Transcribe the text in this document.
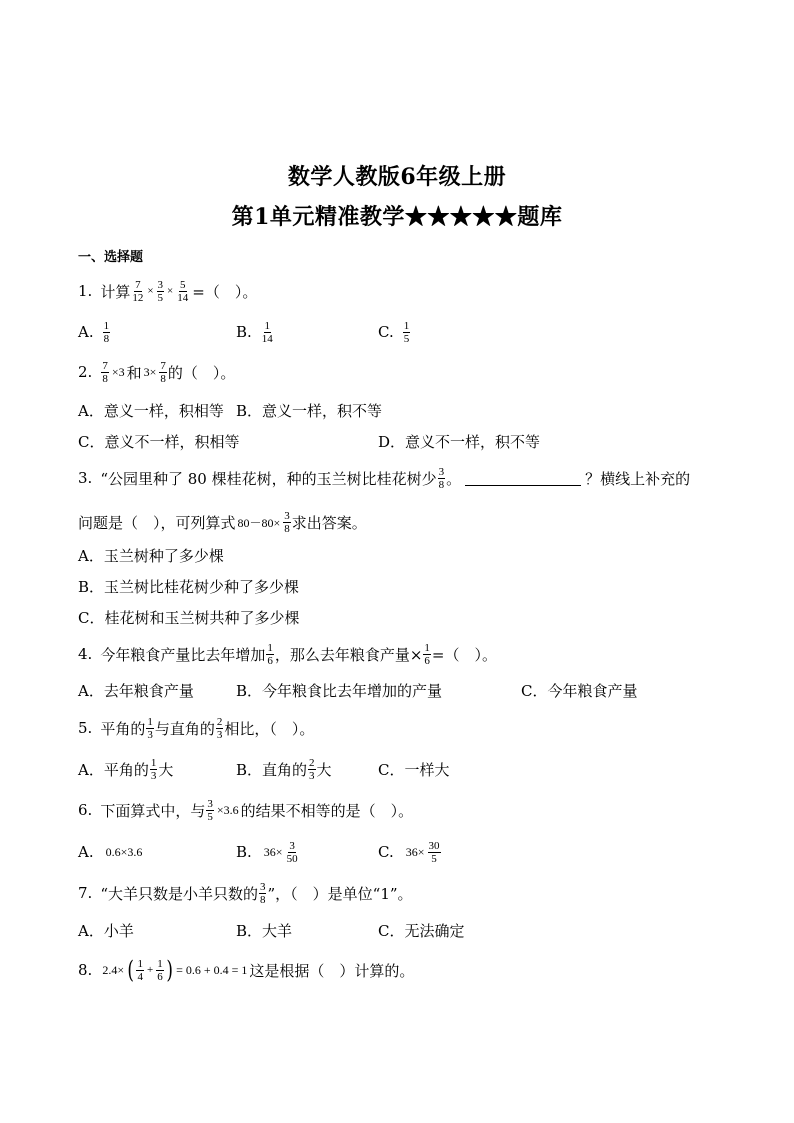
数学人教版6年级上册
第1单元精准教学★★★★★题库
一、选择题
1. 计算 $\frac{7}{12} \times \frac{3}{5} \times \frac{5}{14}$ =（　）。
A. $\frac{1}{8}$	B. $\frac{1}{14}$	C. $\frac{1}{5}$
2. $\frac{7}{8} \times 3$ 和 $3\times \frac{7}{8}$ 的（　）。
A．意义一样，积相等 B．意义一样，积不等
C．意义不一样，积相等	D．意义不一样，积不等
3. “公园里种了 80 棵桂花树，种的玉兰树比桂花树少 $\frac{3}{8}$ 。	？横线上补充的
问题是（　），可列算式 $80-80\times \frac{3}{8}$ 求出答案。
A．玉兰树种了多少棵
B．玉兰树比桂花树少种了多少棵
C．桂花树和玉兰树共种了多少棵
4. 今年粮食产量比去年增加 $\frac{1}{6}$ ，那么去年粮食产量× $\frac{1}{6}$ =（　）。
A．去年粮食产量	B．今年粮食比去年增加的产量	C．今年粮食产量
5. 平角的 $\frac{1}{3}$ 与直角的 $\frac{2}{3}$ 相比，（　）。
A．平角的 $\frac{1}{3}$ 大	B．直角的 $\frac{2}{3}$ 大	C．一样大
6. 下面算式中，与 $\frac{3}{5} \times 3.6$ 的结果不相等的是（　）。
A. 0.6×3.6	B. $36\times \frac{3}{50}$	C. $36\times \frac{30}{5}$
7. “大羊只数是小羊只数的 $\frac{3}{8}$ ”，（　）是单位“1”。
A．小羊	B．大羊	C．无法确定
8. 2.4× ( $\frac{1}{4} + \frac{1}{6}$ ) = 0.6 + 0.4 = 1 这是根据（　）计算的。
